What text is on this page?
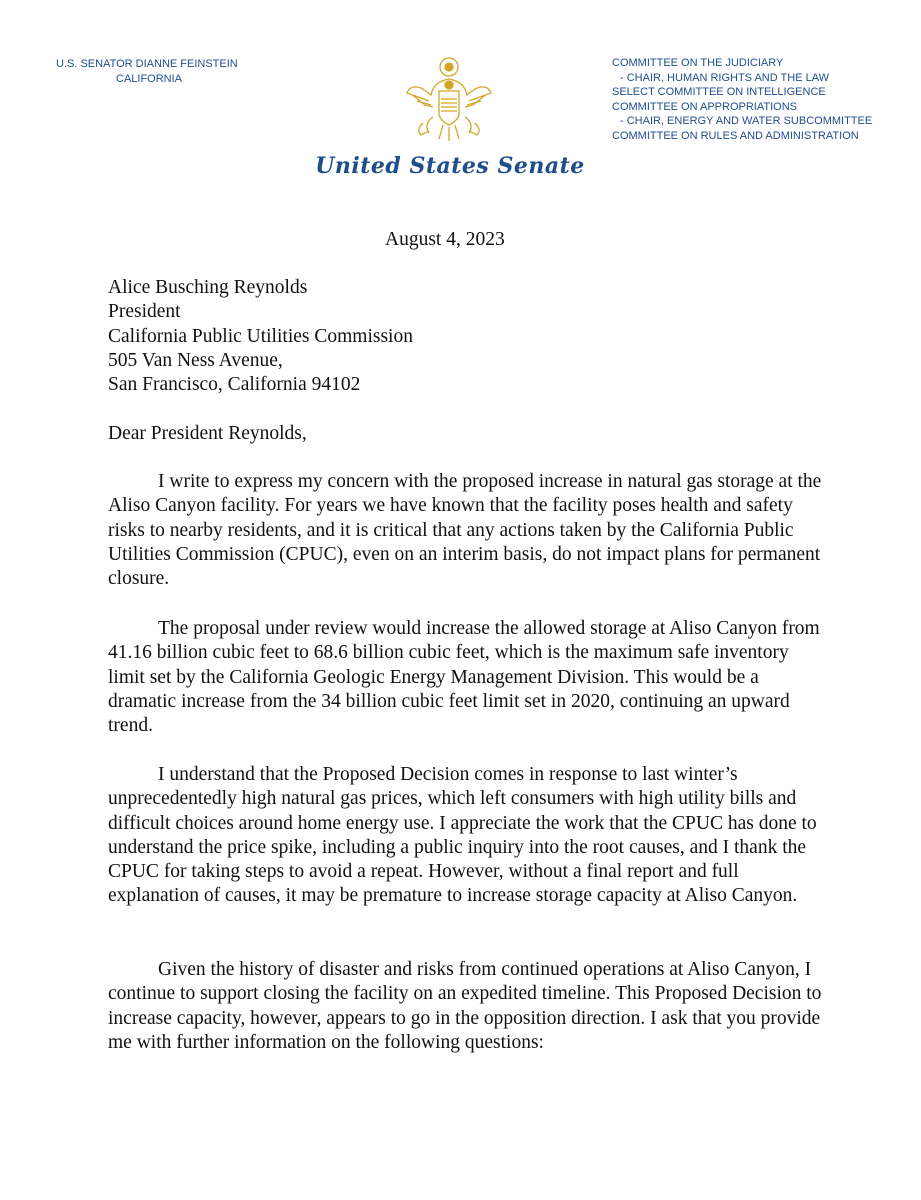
U.S. SENATOR DIANNE FEINSTEIN
CALIFORNIA
United States Senate
COMMITTEE ON THE JUDICIARY
- CHAIR, HUMAN RIGHTS AND THE LAW
SELECT COMMITTEE ON INTELLIGENCE
COMMITTEE ON APPROPRIATIONS
- CHAIR, ENERGY AND WATER SUBCOMMITTEE
COMMITTEE ON RULES AND ADMINISTRATION
August 4, 2023
Alice Busching Reynolds
President
California Public Utilities Commission
505 Van Ness Avenue,
San Francisco, California 94102
Dear President Reynolds,

I write to express my concern with the proposed increase in natural gas storage at the Aliso Canyon facility. For years we have known that the facility poses health and safety risks to nearby residents, and it is critical that any actions taken by the California Public Utilities Commission (CPUC), even on an interim basis, do not impact plans for permanent closure.

The proposal under review would increase the allowed storage at Aliso Canyon from 41.16 billion cubic feet to 68.6 billion cubic feet, which is the maximum safe inventory limit set by the California Geologic Energy Management Division. This would be a dramatic increase from the 34 billion cubic feet limit set in 2020, continuing an upward trend.

I understand that the Proposed Decision comes in response to last winter’s unprecedentedly high natural gas prices, which left consumers with high utility bills and difficult choices around home energy use. I appreciate the work that the CPUC has done to understand the price spike, including a public inquiry into the root causes, and I thank the CPUC for taking steps to avoid a repeat. However, without a final report and full explanation of causes, it may be premature to increase storage capacity at Aliso Canyon.

Given the history of disaster and risks from continued operations at Aliso Canyon, I continue to support closing the facility on an expedited timeline. This Proposed Decision to increase capacity, however, appears to go in the opposition direction. I ask that you provide me with further information on the following questions:
